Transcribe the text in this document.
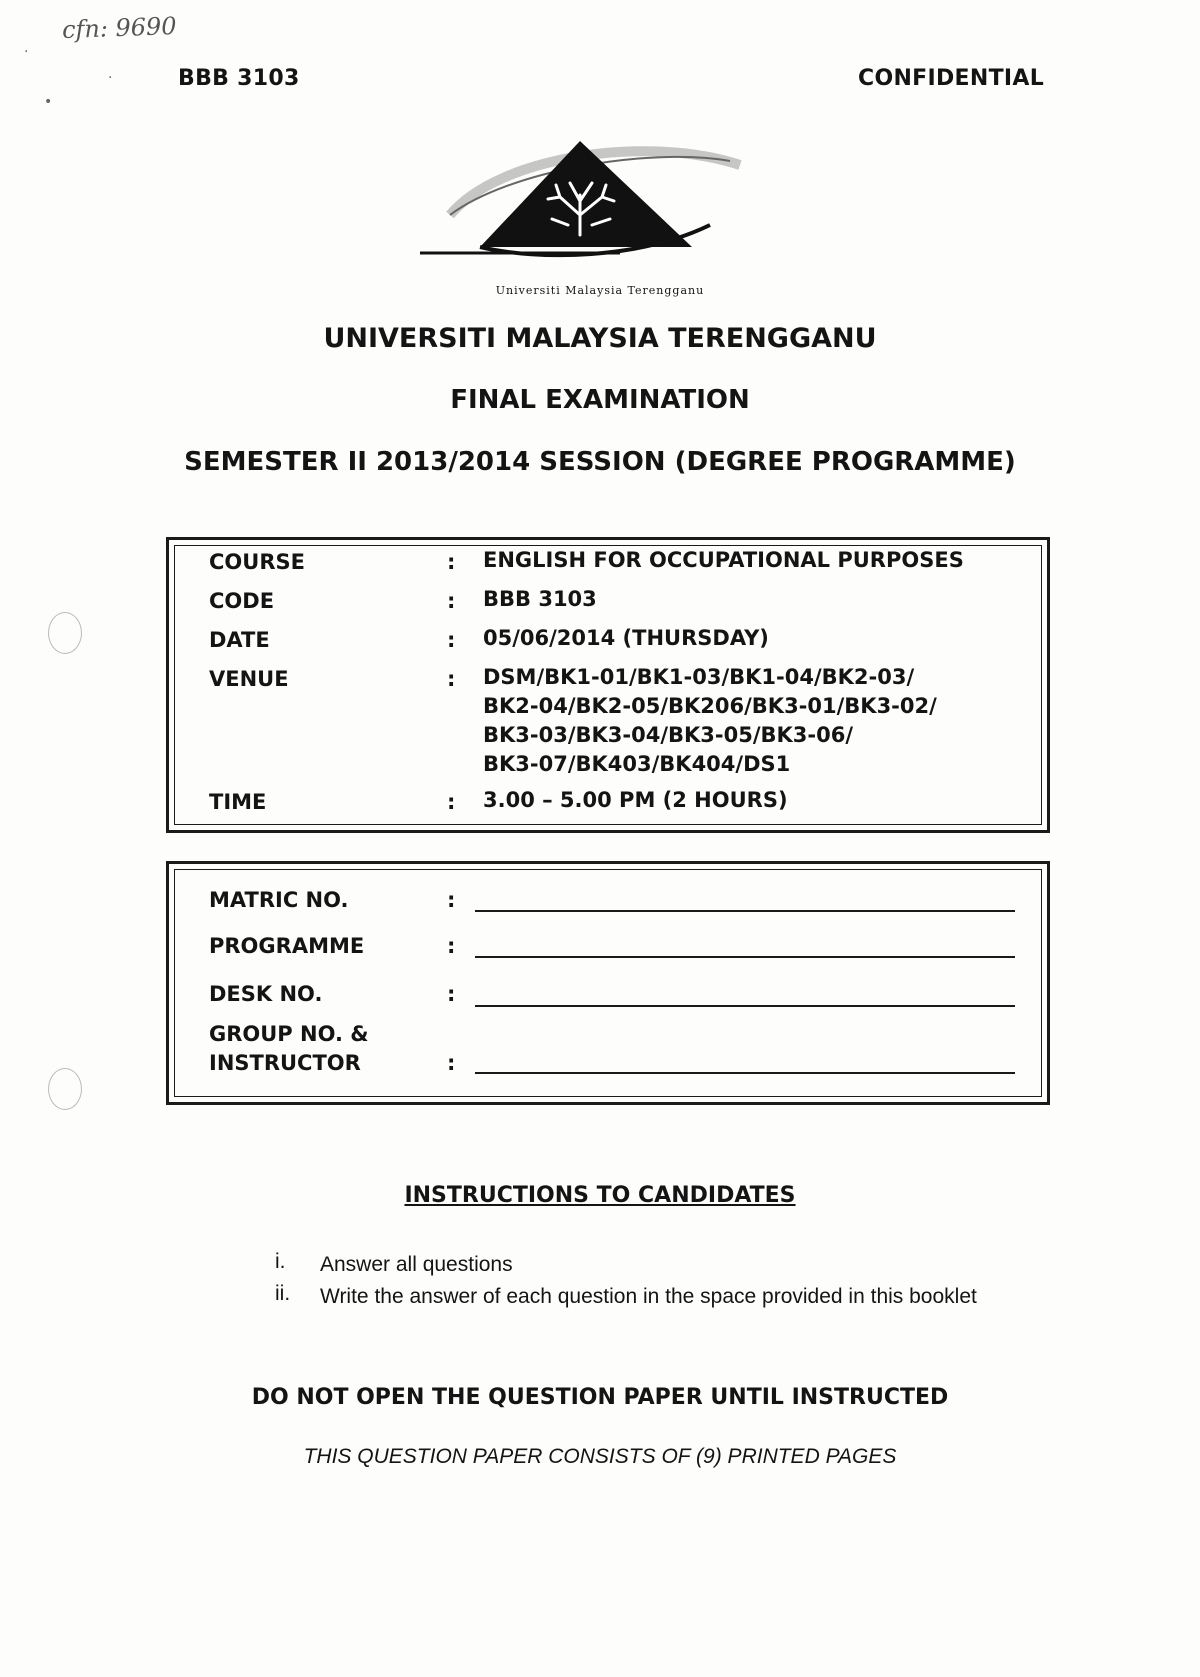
cfn: 9690
·
•
·	BBB 3103	CONFIDENTIAL
Universiti Malaysia Terengganu
UNIVERSITI MALAYSIA TERENGGANU
FINAL EXAMINATION
SEMESTER II 2013/2014 SESSION (DEGREE PROGRAMME)
COURSE	: ENGLISH FOR OCCUPATIONAL PURPOSES
CODE	: BBB 3103
DATE	: 05/06/2014 (THURSDAY)
VENUE	: DSM/BK1-01/BK1-03/BK1-04/BK2-03/
BK2-04/BK2-05/BK206/BK3-01/BK3-02/
BK3-03/BK3-04/BK3-05/BK3-06/
BK3-07/BK403/BK404/DS1
TIME	: 3.00 – 5.00 PM (2 HOURS)
MATRIC NO.	:
PROGRAMME	:
DESK NO.	:
GROUP NO. &
INSTRUCTOR	:
INSTRUCTIONS TO CANDIDATES
i. Answer all questions
ii. Write the answer of each question in the space provided in this booklet
DO NOT OPEN THE QUESTION PAPER UNTIL INSTRUCTED
THIS QUESTION PAPER CONSISTS OF (9) PRINTED PAGES
